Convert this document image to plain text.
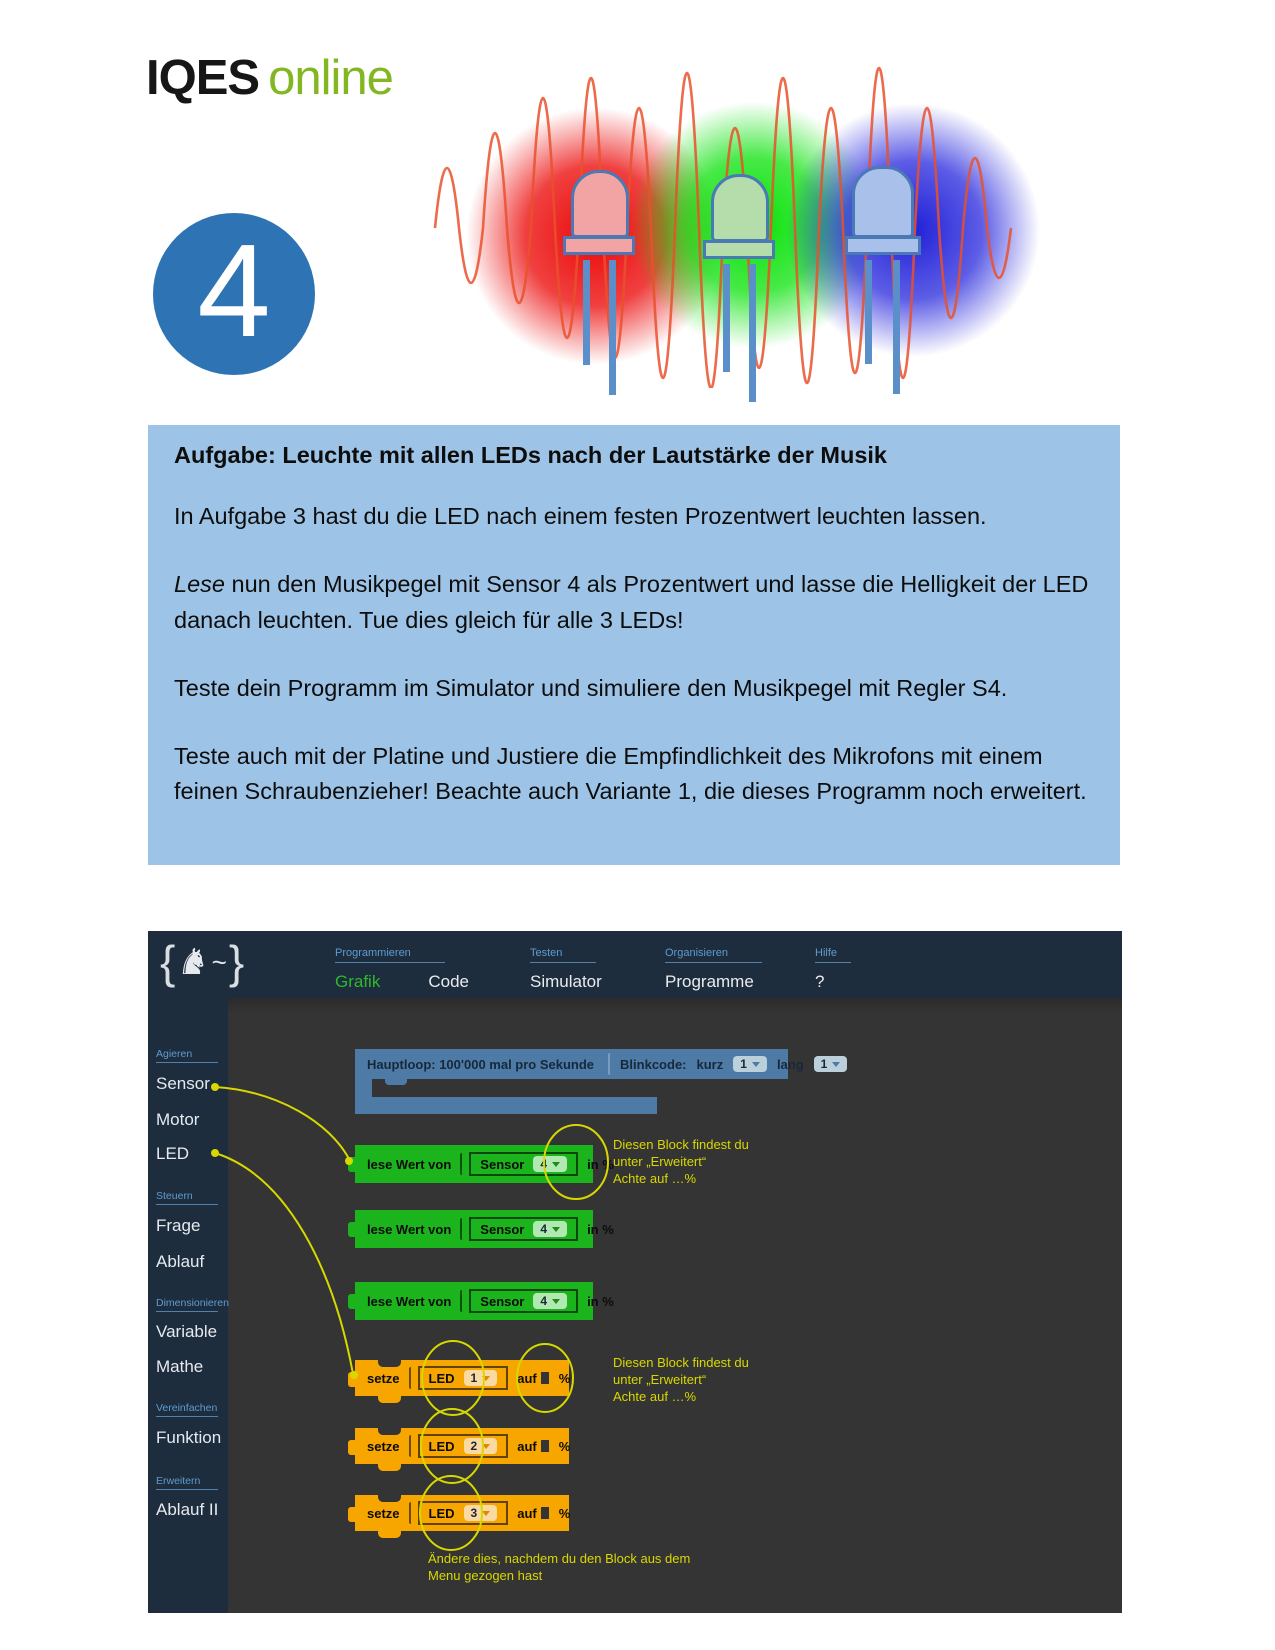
IQES online
4
Aufgabe: Leuchte mit allen LEDs nach der Lautstärke der Musik

In Aufgabe 3 hast du die LED nach einem festen Prozentwert leuchten lassen.

Lese nun den Musikpegel mit Sensor 4 als Prozentwert und lasse die Helligkeit der LED danach leuchten. Tue dies gleich für alle 3 LEDs!

Teste dein Programm im Simulator und simuliere den Musikpegel mit Regler S4.

Teste auch mit der Platine und Justiere die Empfindlichkeit des Mikrofons mit einem feinen Schraubenzieher! Beachte auch Variante 1, die dieses Programm noch erweitert.

{ ♞ ~ }	Programmieren
Grafik	Code
Testen
Simulator
Organisieren
Programme
Hilfe
?
Agieren
Sensor
Motor
LED
Steuern
Frage
Ablauf
Dimensionieren
Variable
Mathe
Vereinfachen
Funktion
Erweitern
Ablauf II
Hauptloop: 100'000 mal pro Sekunde Blinkcode: kurz 1 lang 1
lese Wert von Sensor 4	in %
lese Wert von Sensor 4	in %
lese Wert von Sensor 4	in %
setze LED 1	auf %
setze LED 2	auf %
setze LED 3	auf %
Diesen Block findest du
unter „Erweitert“
Achte auf …%
Diesen Block findest du
unter „Erweitert“
Achte auf …%
Ändere dies, nachdem du den Block aus dem
Menu gezogen hast
